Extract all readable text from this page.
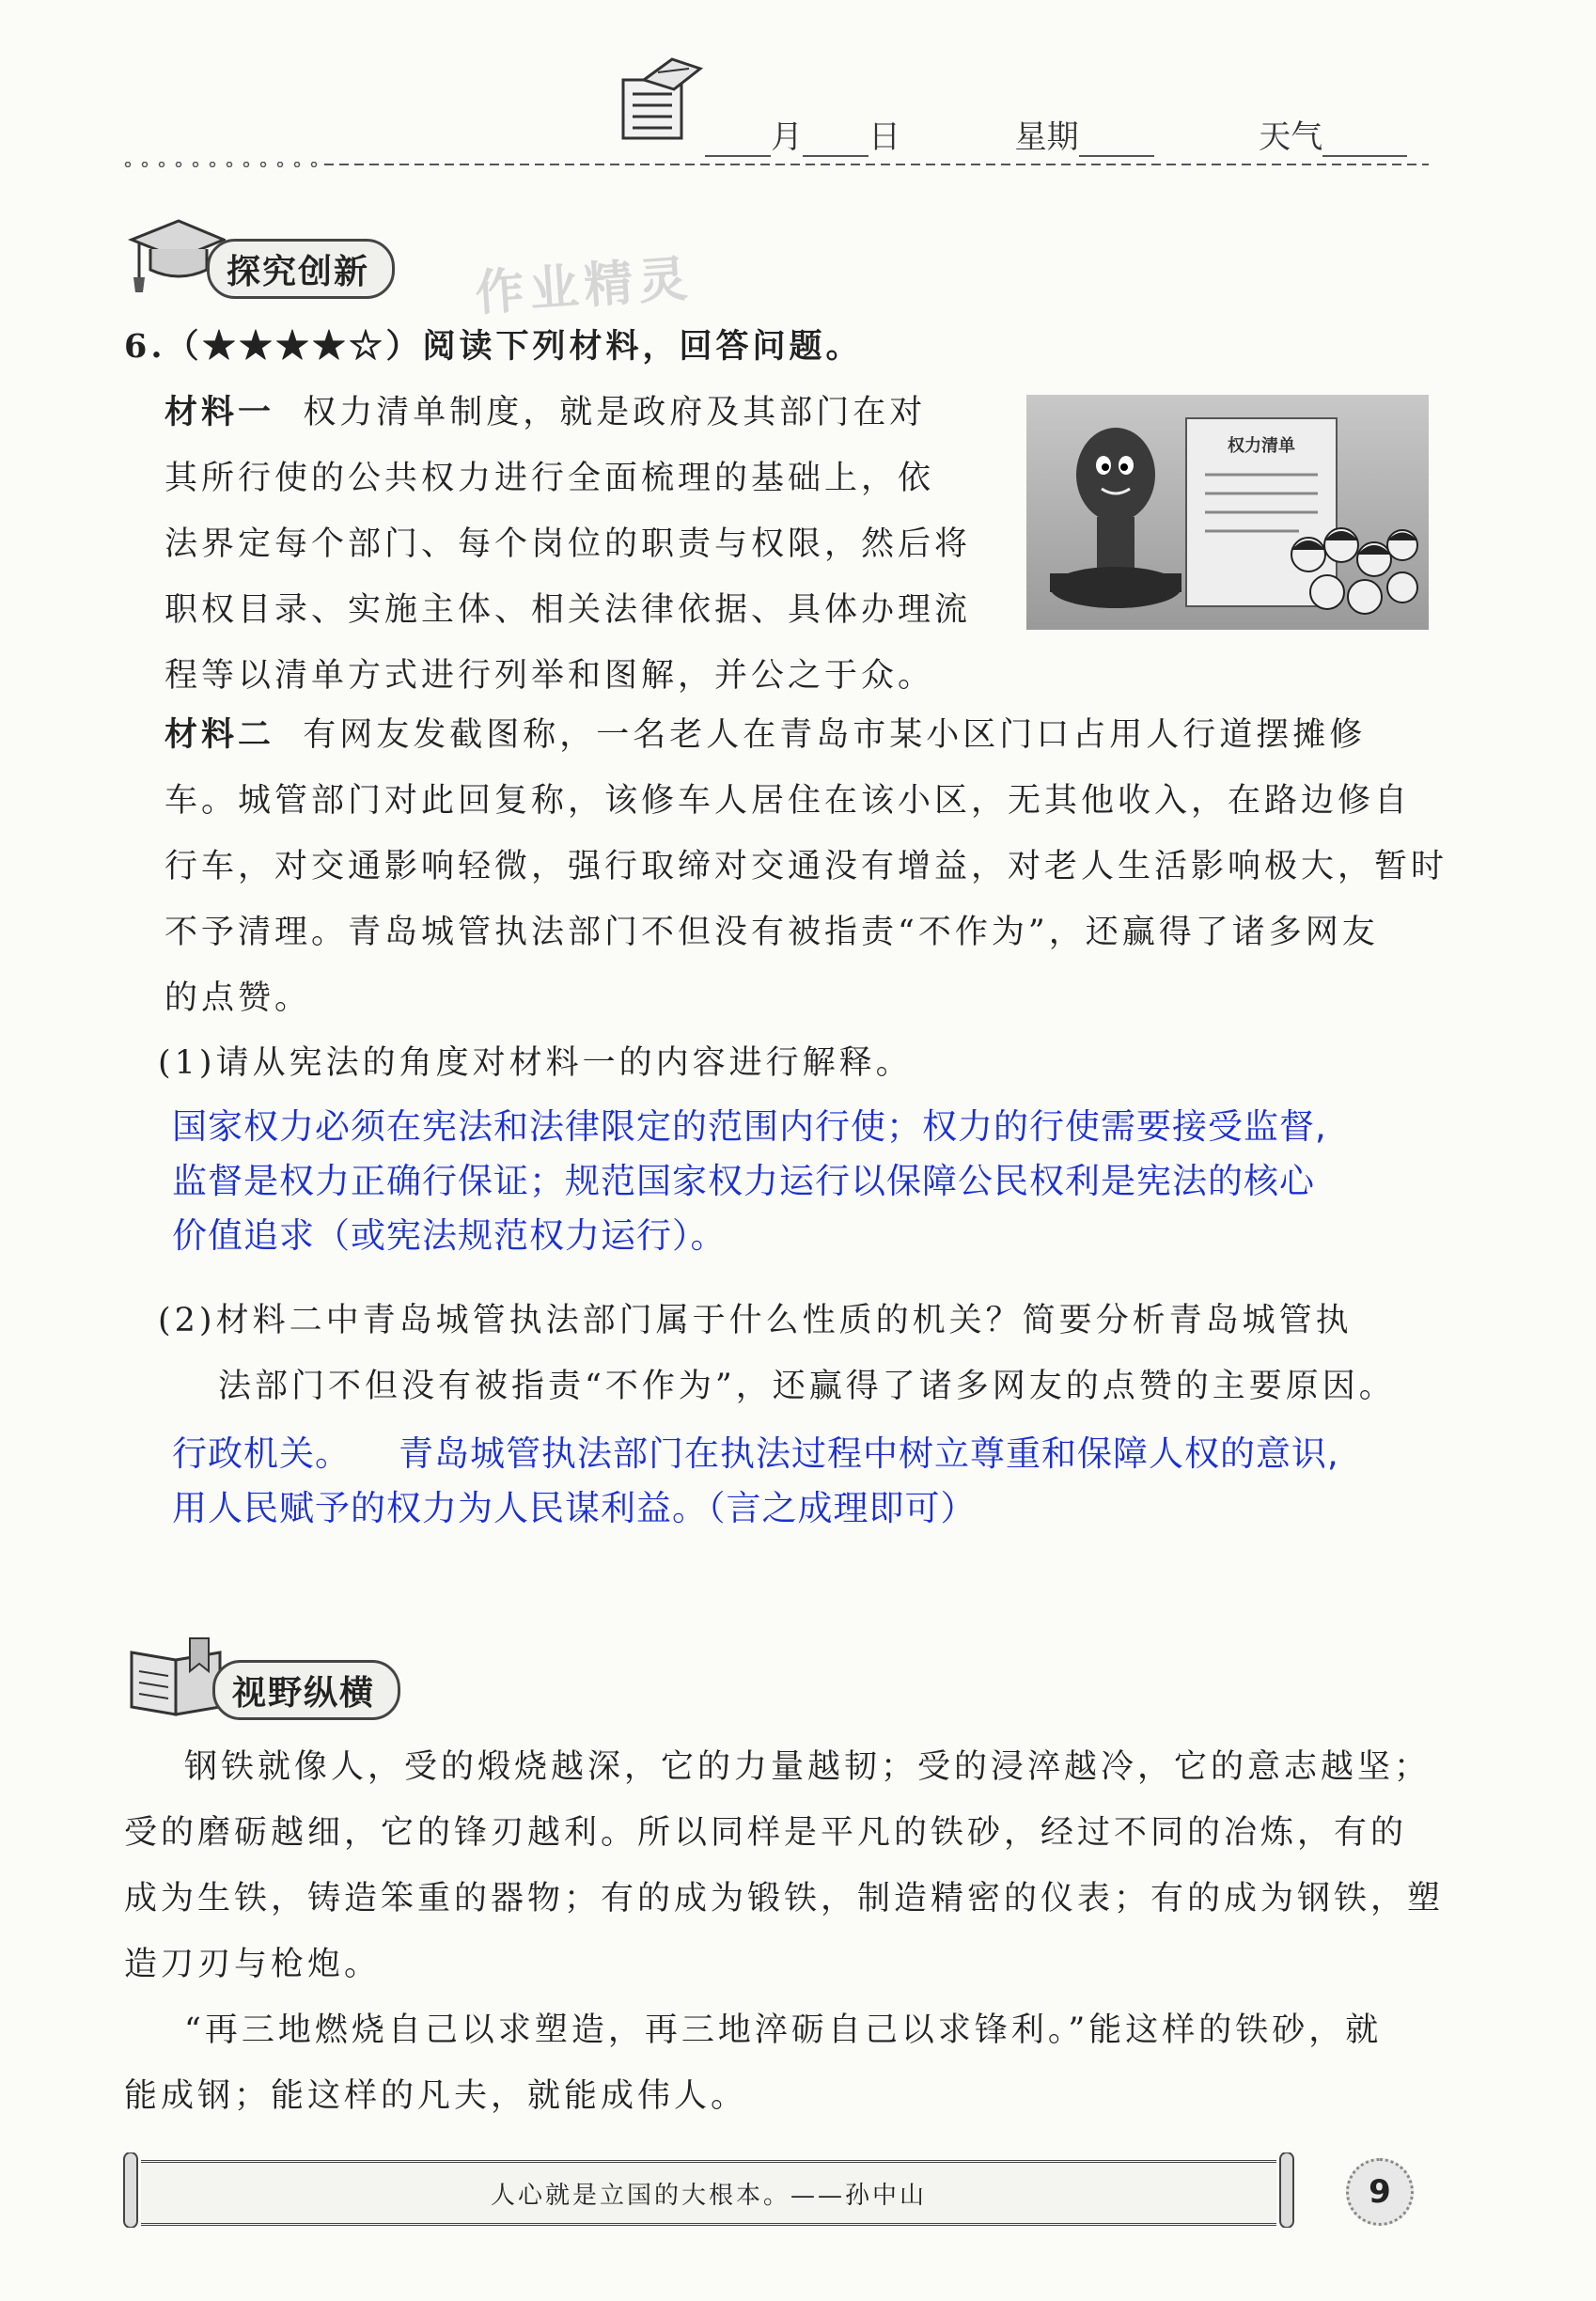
月 日	星期	天气
探究创新 作业精灵
6.（★★★★☆）阅读下列材料，回答问题。
材料一 权力清单制度，就是政府及其部门在对
其所行使的公共权力进行全面梳理的基础上，依
法界定每个部门、每个岗位的职责与权限，然后将
职权目录、实施主体、相关法律依据、具体办理流
程等以清单方式进行列举和图解，并公之于众。
权力清单
材料二 有网友发截图称，一名老人在青岛市某小区门口占用人行道摆摊修
车。城管部门对此回复称，该修车人居住在该小区，无其他收入，在路边修自
行车，对交通影响轻微，强行取缔对交通没有增益，对老人生活影响极大，暂时
不予清理。青岛城管执法部门不但没有被指责“不作为”，还赢得了诸多网友
的点赞。
(1)请从宪法的角度对材料一的内容进行解释。
国家权力必须在宪法和法律限定的范围内行使；权力的行使需要接受监督,
监督是权力正确行保证；规范国家权力运行以保障公民权利是宪法的核心
价值追求（或宪法规范权力运行）。
(2)材料二中青岛城管执法部门属于什么性质的机关？简要分析青岛城管执
法部门不但没有被指责“不作为”，还赢得了诸多网友的点赞的主要原因。
行政机关。    青岛城管执法部门在执法过程中树立尊重和保障人权的意识,
用人民赋予的权力为人民谋利益。（言之成理即可）
视野纵横
钢铁就像人，受的煅烧越深，它的力量越韧；受的浸淬越冷，它的意志越坚；
受的磨砺越细，它的锋刃越利。所以同样是平凡的铁砂，经过不同的冶炼，有的
成为生铁，铸造笨重的器物；有的成为锻铁，制造精密的仪表；有的成为钢铁，塑
造刀刃与枪炮。
“再三地燃烧自己以求塑造，再三地淬砺自己以求锋利。”能这样的铁砂，就
能成钢；能这样的凡夫，就能成伟人。
人心就是立国的大根本。——孙中山	9
